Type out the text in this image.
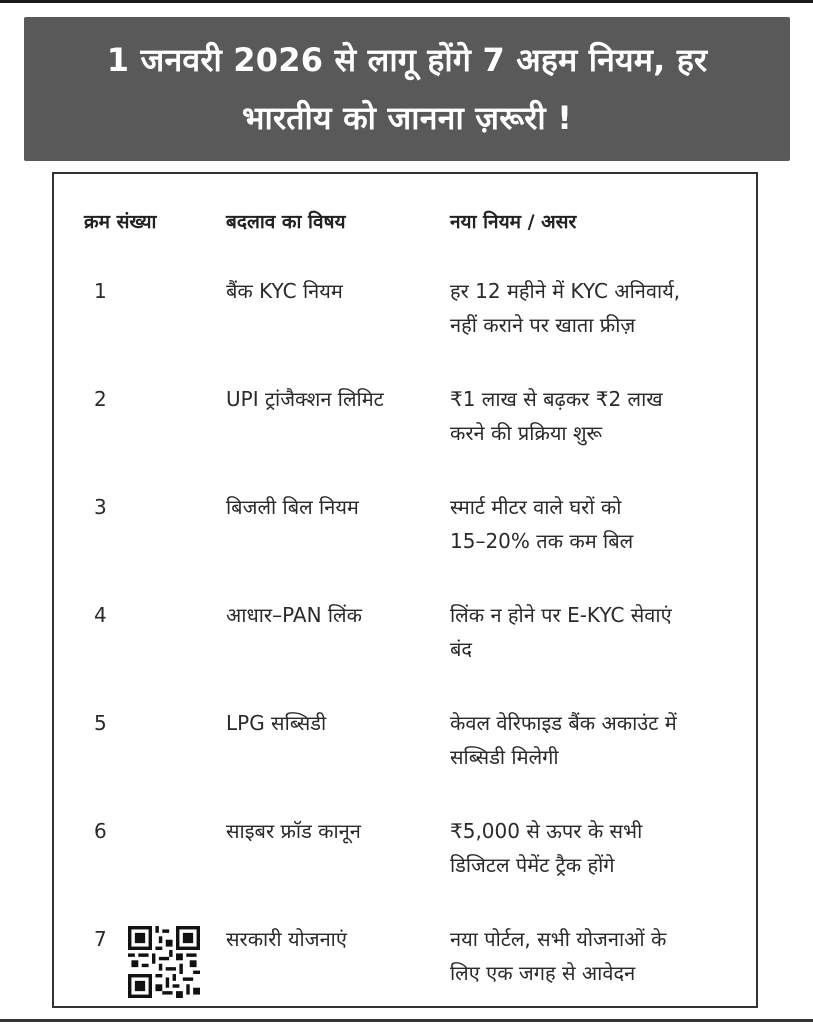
1 जनवरी 2026 से लागू होंगे 7 अहम नियम, हर
भारतीय को जानना ज़रूरी !
क्रम संख्या	बदलाव का विषय	नया नियम / असर
1	बैंक KYC नियम	हर 12 महीने में KYC अनिवार्य,
नहीं कराने पर खाता फ्रीज़
2	UPI ट्रांजैक्शन लिमिट	₹1 लाख से बढ़कर ₹2 लाख
करने की प्रक्रिया शुरू
3	बिजली बिल नियम	स्मार्ट मीटर वाले घरों को
15–20% तक कम बिल
4	आधार–PAN लिंक	लिंक न होने पर E-KYC सेवाएं
बंद
5	LPG सब्सिडी	केवल वेरिफाइड बैंक अकाउंट में
सब्सिडी मिलेगी
6	साइबर फ्रॉड कानून	₹5,000 से ऊपर के सभी
डिजिटल पेमेंट ट्रैक होंगे
7	सरकारी योजनाएं	नया पोर्टल, सभी योजनाओं के
लिए एक जगह से आवेदन
